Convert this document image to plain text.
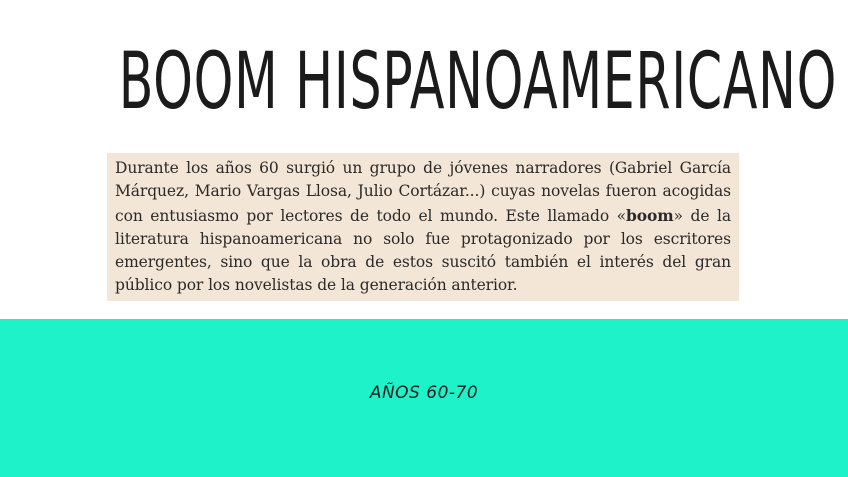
BOOM HISPANOAMERICANO

Durante los años 60 surgió un grupo de jóvenes narradores (Gabriel García Márquez, Mario Vargas Llosa, Julio Cortázar...) cuyas novelas fueron acogidas con entusiasmo por lectores de todo el mundo. Este llamado «boom» de la literatura hispanoamericana no solo fue protagonizado por los escritores emergentes, sino que la obra de estos suscitó también el interés del gran público por los novelistas de la generación anterior.

AÑOS 60-70
